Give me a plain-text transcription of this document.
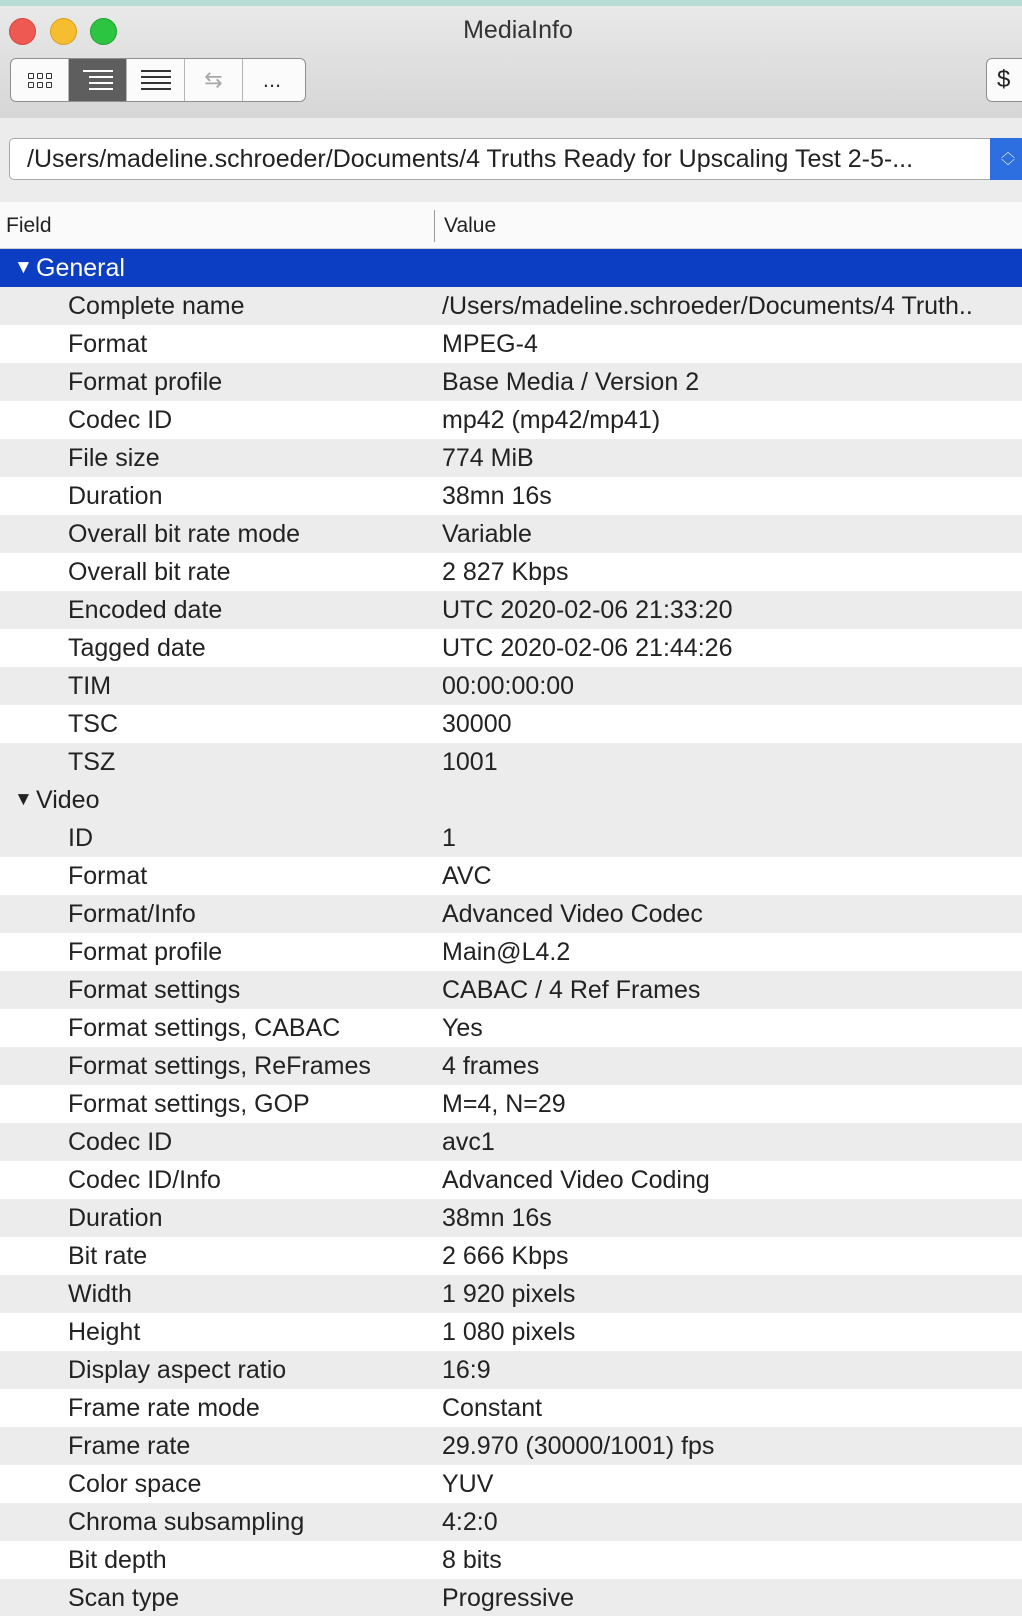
MediaInfo
⇆ ...	$
/Users/madeline.schroeder/Documents/4 Truths Ready for Upscaling Test 2-5-...	︿
﹀
Field	Value
▼ General
Complete name	/Users/madeline.schroeder/Documents/4 Truth..
Format	MPEG-4
Format profile	Base Media / Version 2
Codec ID	mp42 (mp42/mp41)
File size	774 MiB
Duration	38mn 16s
Overall bit rate mode	Variable
Overall bit rate	2 827 Kbps
Encoded date	UTC 2020-02-06 21:33:20
Tagged date	UTC 2020-02-06 21:44:26
TIM	00:00:00:00
TSC	30000
TSZ	1001
▼ Video
ID	1
Format	AVC
Format/Info	Advanced Video Codec
Format profile	Main@L4.2
Format settings	CABAC / 4 Ref Frames
Format settings, CABAC	Yes
Format settings, ReFrames	4 frames
Format settings, GOP	M=4, N=29
Codec ID	avc1
Codec ID/Info	Advanced Video Coding
Duration	38mn 16s
Bit rate	2 666 Kbps
Width	1 920 pixels
Height	1 080 pixels
Display aspect ratio	16:9
Frame rate mode	Constant
Frame rate	29.970 (30000/1001) fps
Color space	YUV
Chroma subsampling	4:2:0
Bit depth	8 bits
Scan type	Progressive
